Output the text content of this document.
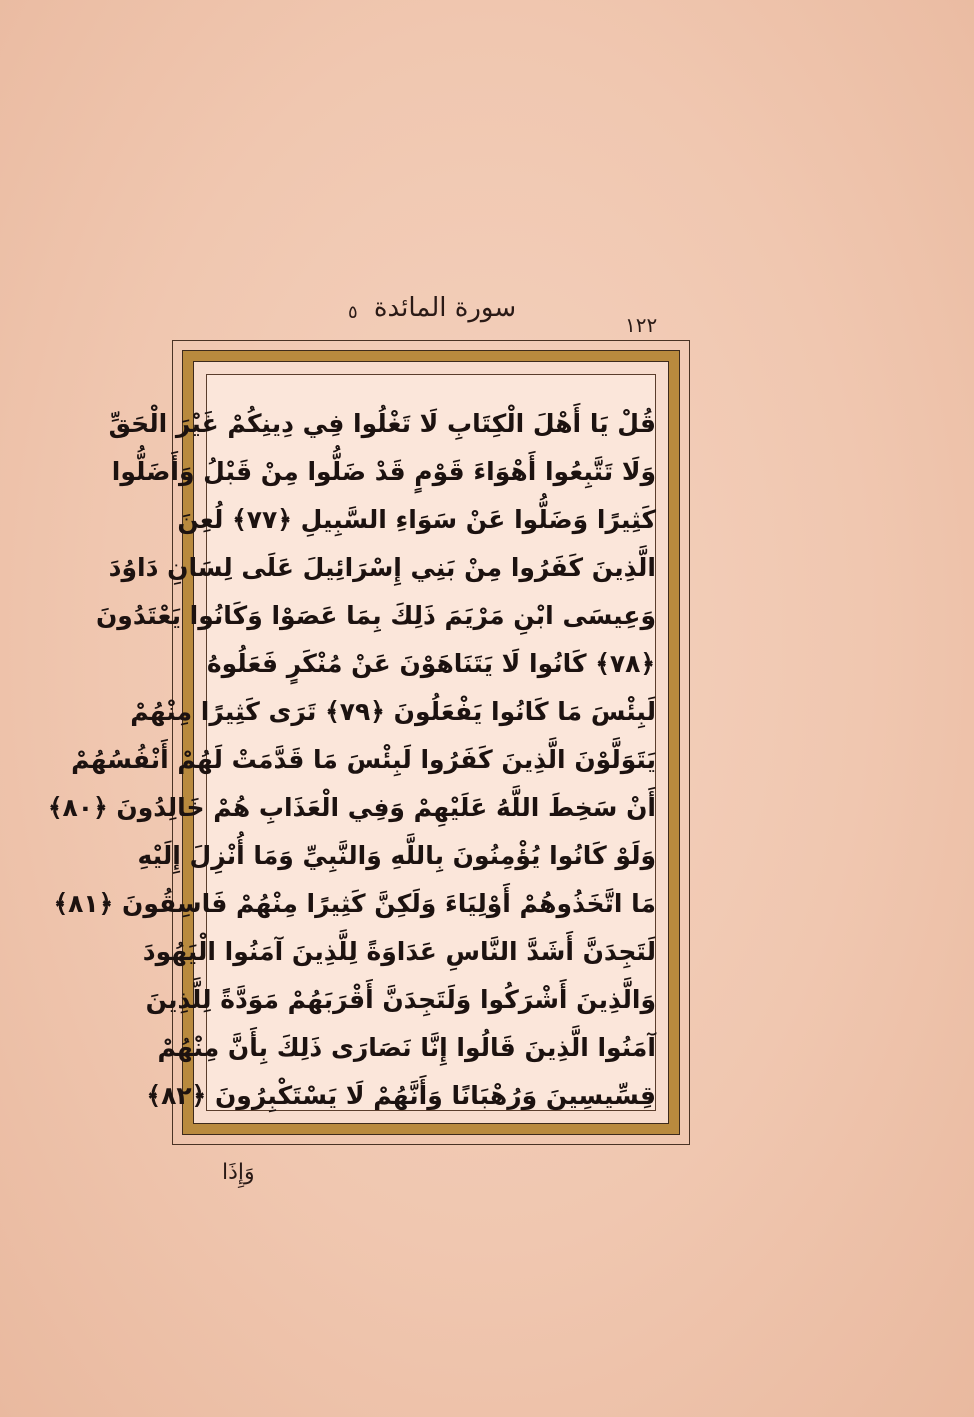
١٢٢
سورة المائدة
٥
قُلْ يَا أَهْلَ الْكِتَابِ لَا تَغْلُوا فِي دِينِكُمْ غَيْرَ الْحَقِّ
وَلَا تَتَّبِعُوا أَهْوَاءَ قَوْمٍ قَدْ ضَلُّوا مِنْ قَبْلُ وَأَضَلُّوا
كَثِيرًا وَضَلُّوا عَنْ سَوَاءِ السَّبِيلِ ﴿٧٧﴾ لُعِنَ
الَّذِينَ كَفَرُوا مِنْ بَنِي إِسْرَائِيلَ عَلَى لِسَانِ دَاوُدَ
وَعِيسَى ابْنِ مَرْيَمَ ذَلِكَ بِمَا عَصَوْا وَكَانُوا يَعْتَدُونَ
﴿٧٨﴾ كَانُوا لَا يَتَنَاهَوْنَ عَنْ مُنْكَرٍ فَعَلُوهُ
لَبِئْسَ مَا كَانُوا يَفْعَلُونَ ﴿٧٩﴾ تَرَى كَثِيرًا مِنْهُمْ
يَتَوَلَّوْنَ الَّذِينَ كَفَرُوا لَبِئْسَ مَا قَدَّمَتْ لَهُمْ أَنْفُسُهُمْ
أَنْ سَخِطَ اللَّهُ عَلَيْهِمْ وَفِي الْعَذَابِ هُمْ خَالِدُونَ ﴿٨٠﴾
وَلَوْ كَانُوا يُؤْمِنُونَ بِاللَّهِ وَالنَّبِيِّ وَمَا أُنْزِلَ إِلَيْهِ
مَا اتَّخَذُوهُمْ أَوْلِيَاءَ وَلَكِنَّ كَثِيرًا مِنْهُمْ فَاسِقُونَ ﴿٨١﴾
لَتَجِدَنَّ أَشَدَّ النَّاسِ عَدَاوَةً لِلَّذِينَ آمَنُوا الْيَهُودَ
وَالَّذِينَ أَشْرَكُوا وَلَتَجِدَنَّ أَقْرَبَهُمْ مَوَدَّةً لِلَّذِينَ
آمَنُوا الَّذِينَ قَالُوا إِنَّا نَصَارَى ذَلِكَ بِأَنَّ مِنْهُمْ
قِسِّيسِينَ وَرُهْبَانًا وَأَنَّهُمْ لَا يَسْتَكْبِرُونَ ﴿٨٢﴾
وَإِذَا
